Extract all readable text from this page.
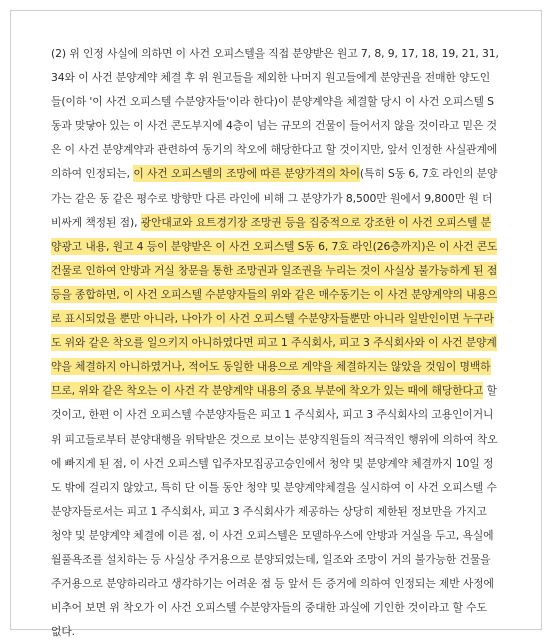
(2) 위 인정 사실에 의하면 이 사건 오피스텔을 직접 분양받은 원고 7, 8, 9, 17, 18, 19, 21, 31,
34와 이 사건 분양계약 체결 후 위 원고들을 제외한 나머지 원고들에게 분양권을 전매한 양도인
들(이하 '이 사건 오피스텔 수분양자들'이라 한다)이 분양계약을 체결할 당시 이 사건 오피스텔 S
동과 맞닿아 있는 이 사건 콘도부지에 4층이 넘는 규모의 건물이 들어서지 않을 것이라고 믿은 것
은 이 사건 분양계약과 관련하여 동기의 착오에 해당한다고 할 것이지만, 앞서 인정한 사실관계에
의하여 인정되는, 이 사건 오피스텔의 조망에 따른 분양가격의 차이(특히 S동 6, 7호 라인의 분양
가는 같은 동 같은 평수로 방향만 다른 라인에 비해 그 분양가가 8,500만 원에서 9,800만 원 더
비싸게 책정된 점), 광안대교와 요트경기장 조망권 등을 집중적으로 강조한 이 사건 오피스텔 분
양광고 내용, 원고 4 등이 분양받은 이 사건 오피스텔 S동 6, 7호 라인(26층까지)은 이 사건 콘도
건물로 인하여 안방과 거실 창문을 통한 조망권과 일조권을 누리는 것이 사실상 불가능하게 된 점
등을 종합하면, 이 사건 오피스텔 수분양자들의 위와 같은 매수동기는 이 사건 분양계약의 내용으
로 표시되었을 뿐만 아니라, 나아가 이 사건 오피스텔 수분양자들뿐만 아니라 일반인이면 누구라
도 위와 같은 착오를 일으키지 아니하였다면 피고 1 주식회사, 피고 3 주식회사와 이 사건 분양계
약을 체결하지 아니하였거나, 적어도 동일한 내용으로 계약을 체결하지는 않았을 것임이 명백하
므로, 위와 같은 착오는 이 사건 각 분양계약 내용의 중요 부분에 착오가 있는 때에 해당한다고 할
것이고, 한편 이 사건 오피스텔 수분양자들은 피고 1 주식회사, 피고 3 주식회사의 고용인이거니
위 피고들로부터 분양대행을 위탁받은 것으로 보이는 분양직원들의 적극적인 행위에 의하여 착오
에 빠지게 된 점, 이 사건 오피스텔 입주자모집공고승인에서 청약 및 분양계약 체결까지 10일 정
도 밖에 걸리지 않았고, 특히 단 이틀 동안 청약 및 분양계약체결을 실시하여 이 사건 오피스텔 수
분양자들로서는 피고 1 주식회사, 피고 3 주식회사가 제공하는 상당히 제한된 정보만을 가지고
청약 및 분양계약 체결에 이른 점, 이 사건 오피스텔은 모델하우스에 안방과 거실을 두고, 욕실에
월풀욕조를 설치하는 등 사실상 주거용으로 분양되었는데, 일조와 조망이 거의 불가능한 건물을
주거용으로 분양하리라고 생각하기는 어려운 점 등 앞서 든 증거에 의하여 인정되는 제반 사정에
비추어 보면 위 착오가 이 사건 오피스텔 수분양자들의 중대한 과실에 기인한 것이라고 할 수도
없다.
